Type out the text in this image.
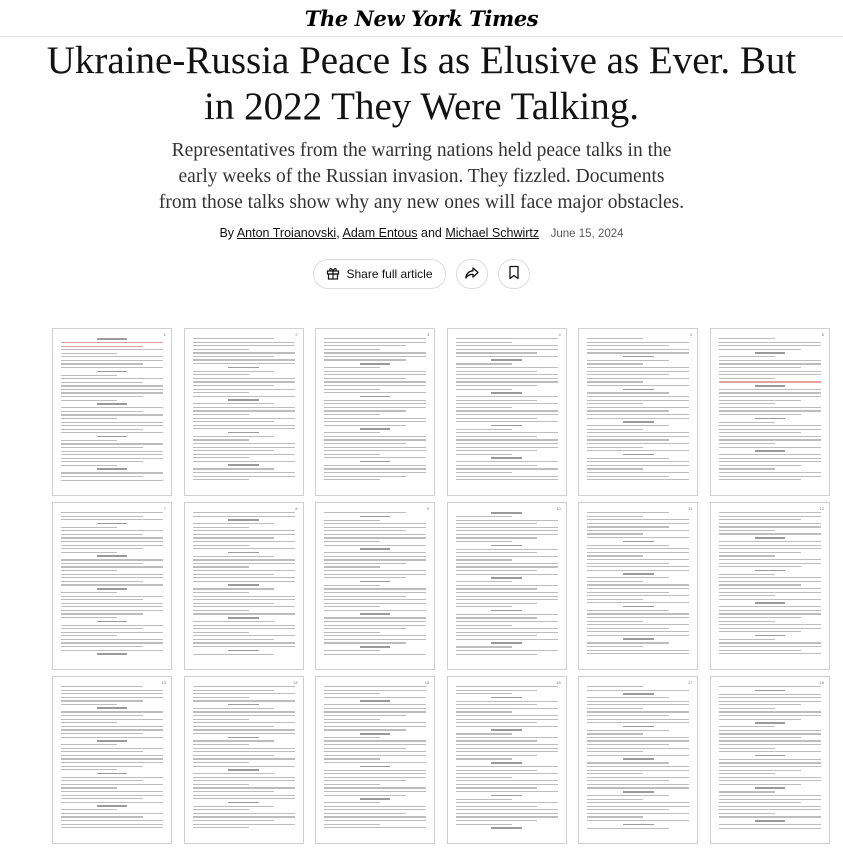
The New York Times
Ukraine-Russia Peace Is as Elusive as Ever. But in 2022 They Were Talking.

Representatives from the warring nations held peace talks in the early weeks of the Russian invasion. They fizzled. Documents from those talks show why any new ones will face major obstacles.

By Anton Troianovski, Adam Entous and Michael Schwirtz June 15, 2024
Share full article
1	2	3	4	5	6
7	8	9	10	11	12
13	14	15	16	17	18
